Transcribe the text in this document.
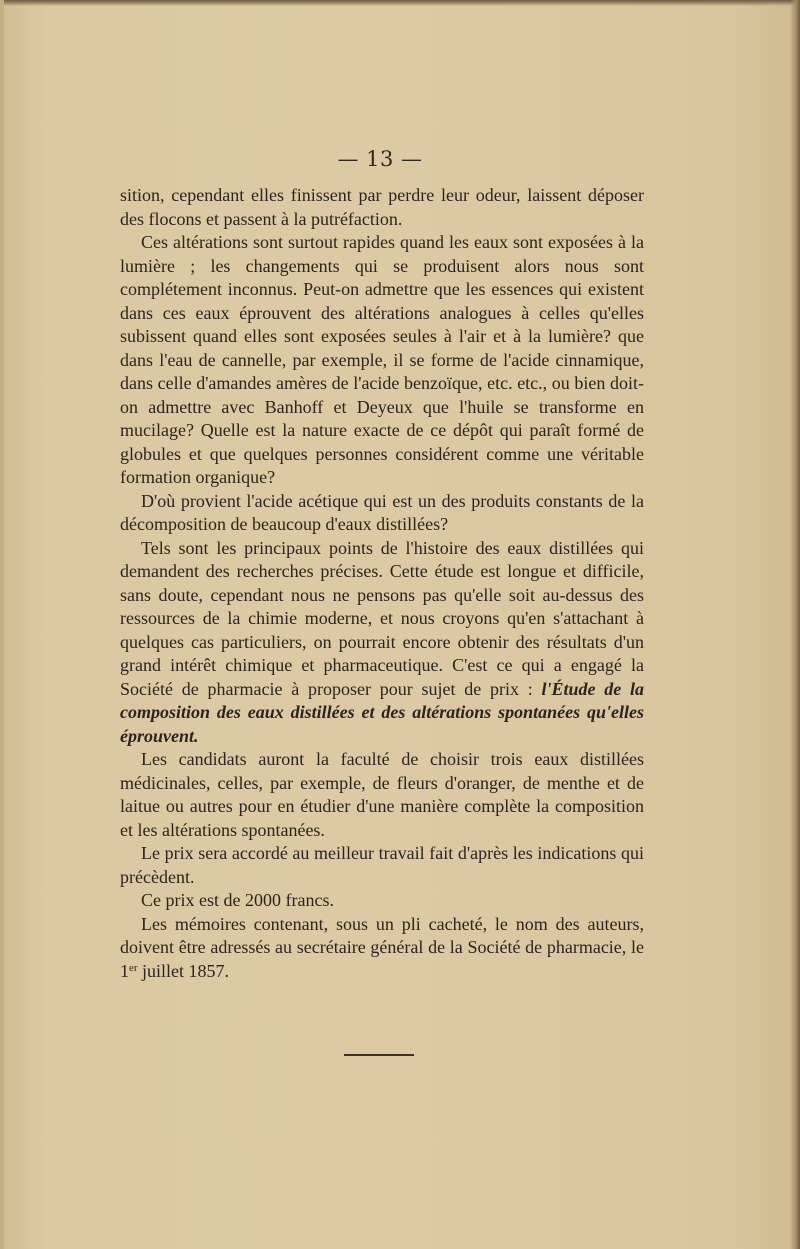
— 13 —

sition, cependant elles finissent par perdre leur odeur, laissent déposer des flocons et passent à la putréfaction.

Ces altérations sont surtout rapides quand les eaux sont exposées à la lumière ; les changements qui se produisent alors nous sont complétement inconnus. Peut-on admettre que les essences qui existent dans ces eaux éprouvent des altérations analogues à celles qu'elles subissent quand elles sont exposées seules à l'air et à la lumière? que dans l'eau de cannelle, par exemple, il se forme de l'acide cinnamique, dans celle d'amandes amères de l'acide benzoïque, etc. etc., ou bien doit-on admettre avec Banhoff et Deyeux que l'huile se transforme en mucilage? Quelle est la nature exacte de ce dépôt qui paraît formé de globules et que quelques personnes considérent comme une véritable formation organique?

D'où provient l'acide acétique qui est un des produits constants de la décomposition de beaucoup d'eaux distillées?

Tels sont les principaux points de l'histoire des eaux distillées qui demandent des recherches précises. Cette étude est longue et difficile, sans doute, cependant nous ne pensons pas qu'elle soit au-dessus des ressources de la chimie moderne, et nous croyons qu'en s'attachant à quelques cas particuliers, on pourrait encore obtenir des résultats d'un grand intérêt chimique et pharmaceutique. C'est ce qui a engagé la Société de pharmacie à proposer pour sujet de prix : l'Étude de la composition des eaux distillées et des altérations spontanées qu'elles éprouvent.

Les candidats auront la faculté de choisir trois eaux distillées médicinales, celles, par exemple, de fleurs d'oranger, de menthe et de laitue ou autres pour en étudier d'une manière complète la composition et les altérations spontanées.

Le prix sera accordé au meilleur travail fait d'après les indications qui précèdent.

Ce prix est de 2000 francs.

Les mémoires contenant, sous un pli cacheté, le nom des auteurs, doivent être adressés au secrétaire général de la Société de pharmacie, le 1er juillet 1857.
